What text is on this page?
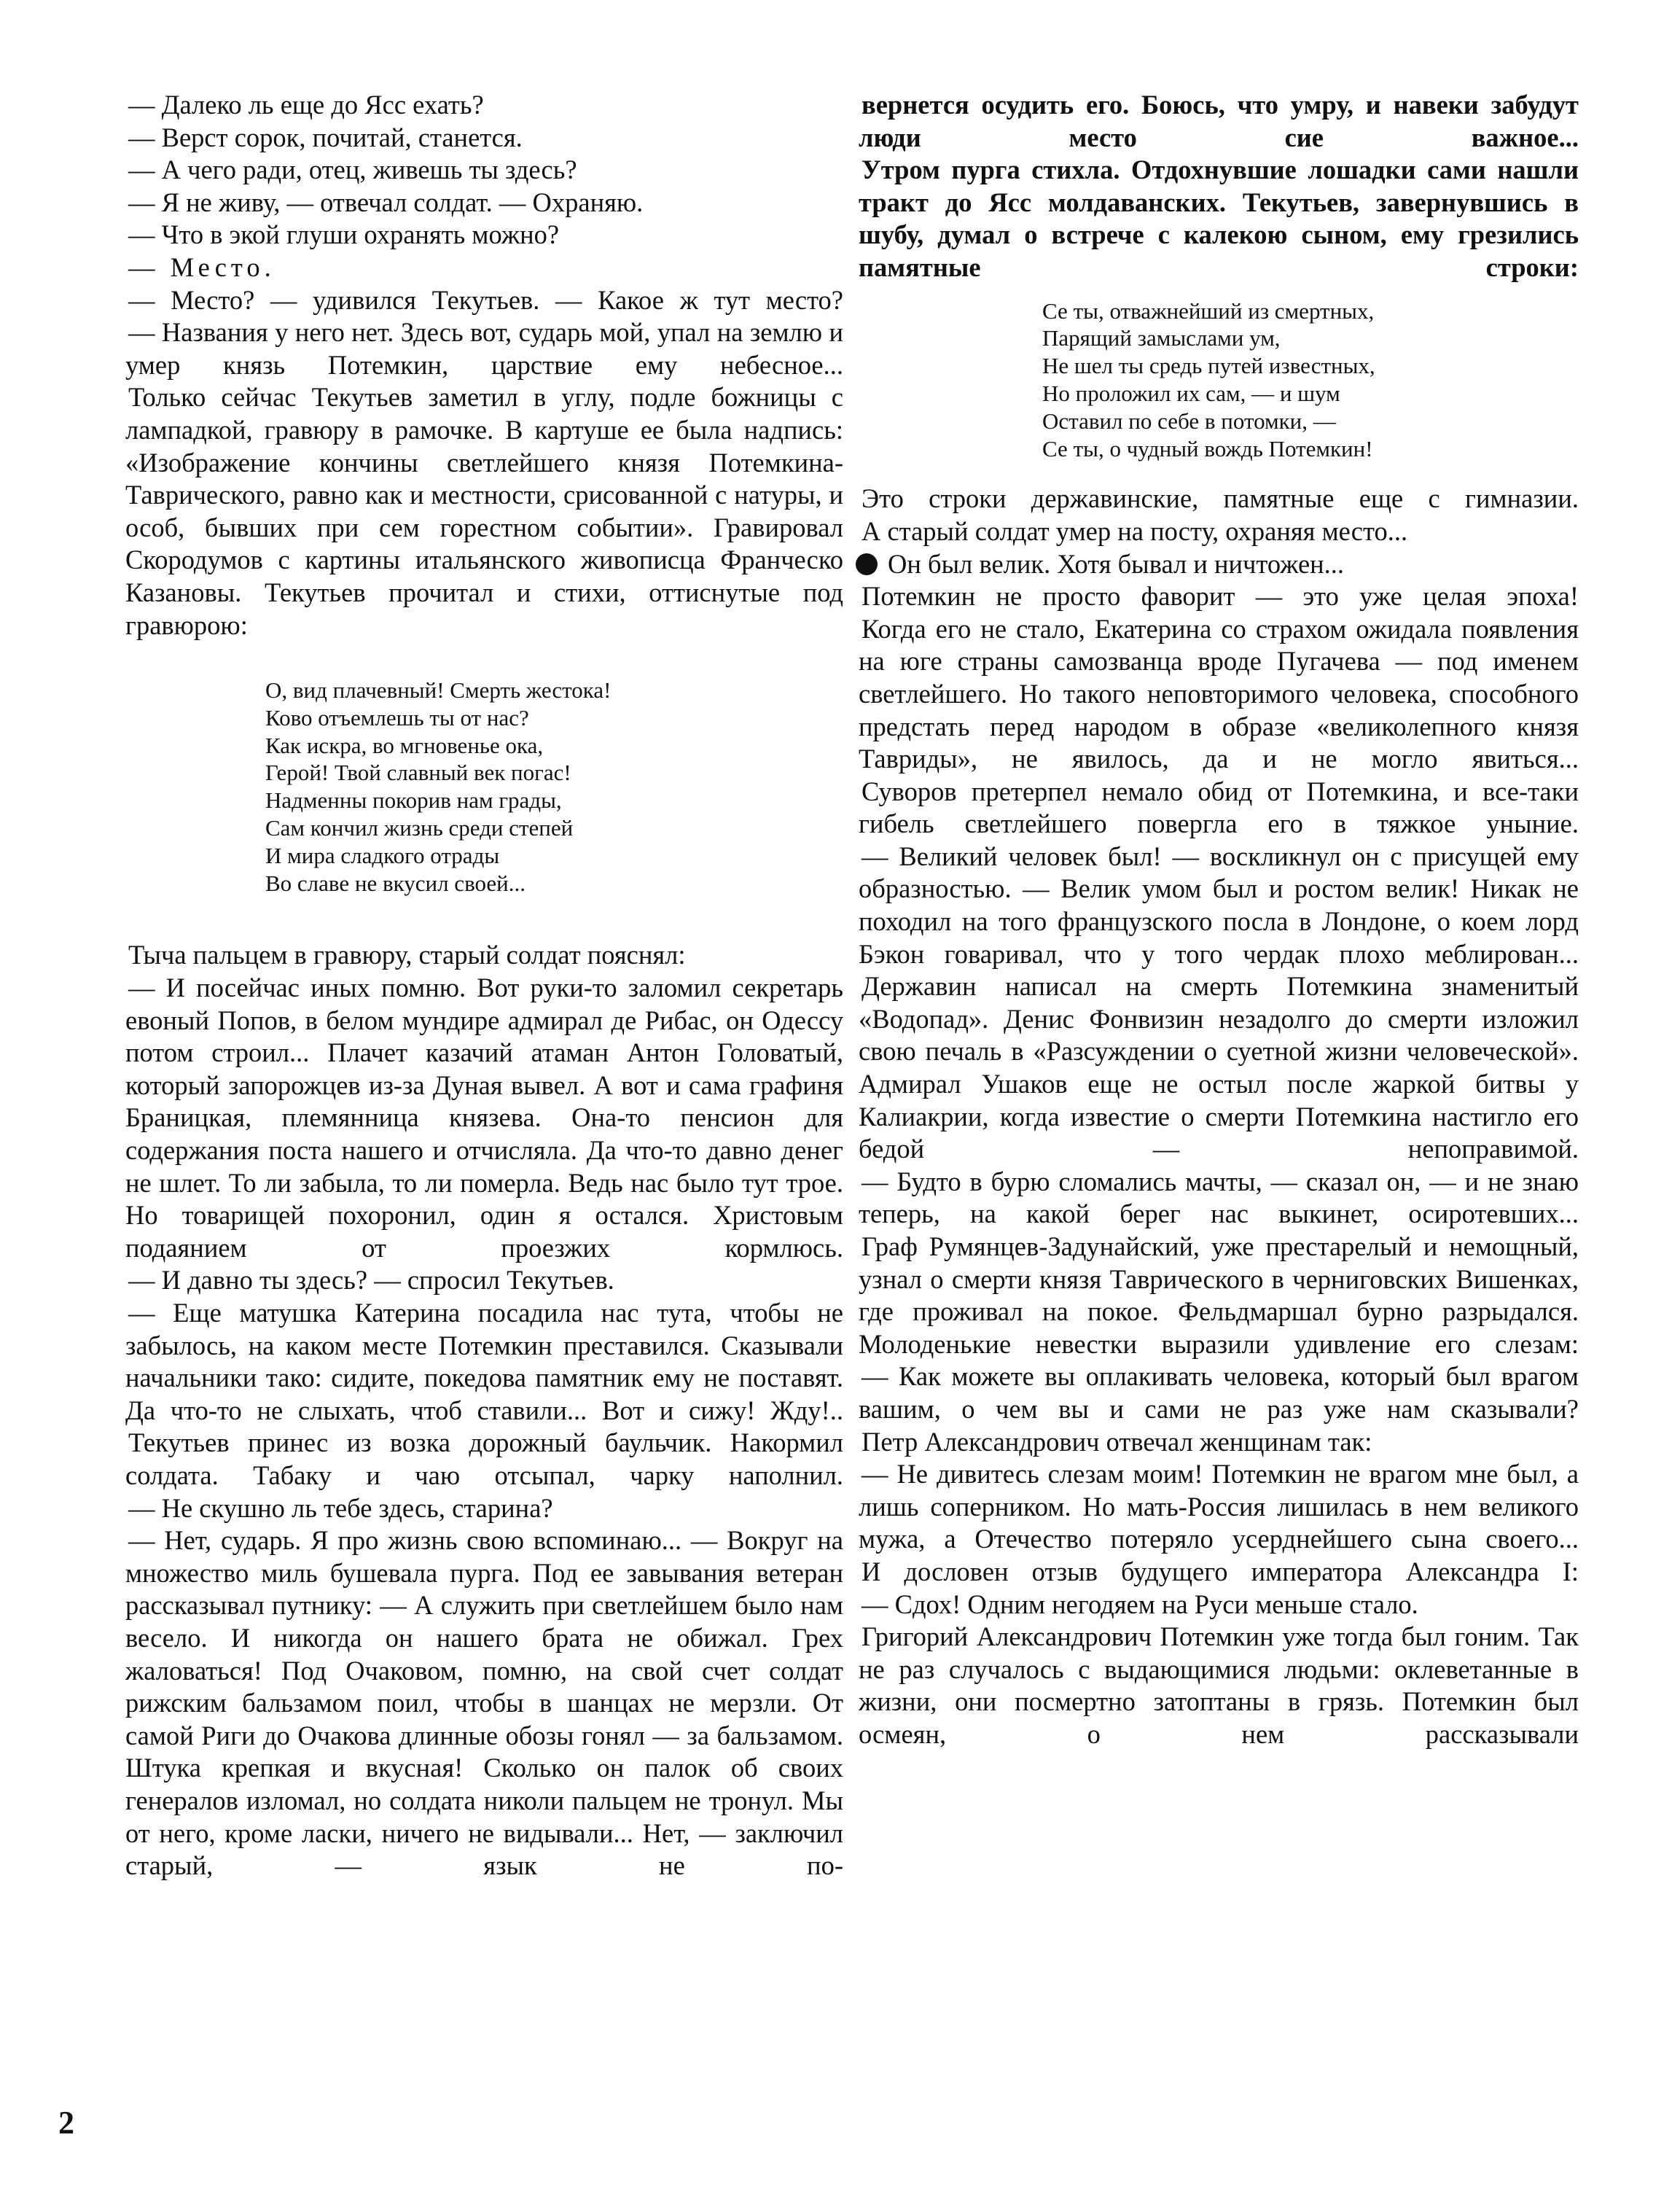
— Далеко ль еще до Ясс ехать?
— Верст сорок, почитай, станется.
— А чего ради, отец, живешь ты здесь?
— Я не живу, — отвечал солдат. — Охраняю.
— Что в экой глуши охранять можно?
— Место.
— Место? — удивился Текутьев. — Какое ж тут место?
— Названия у него нет. Здесь вот, сударь мой, упал на землю и умер князь Потемкин, царствие ему небесное...
Только сейчас Текутьев заметил в углу, подле божницы с лампадкой, гравюру в рамочке. В картуше ее была надпись: «Изображение кончины светлейшего князя Потемкина-Таврического, равно как и местности, срисованной с натуры, и особ, бывших при сем горестном событии». Гравировал Скородумов с картины итальянского живописца Франческо Казановы. Текутьев прочитал и стихи, оттиснутые под гравюрою:
О, вид плачевный! Смерть жестока!
Ково отъемлешь ты от нас?
Как искра, во мгновенье ока,
Герой! Твой славный век погас!
Надменны покорив нам грады,
Сам кончил жизнь среди степей
И мира сладкого отрады
Во славе не вкусил своей...
Тыча пальцем в гравюру, старый солдат пояснял:
— И посейчас иных помню. Вот руки-то заломил секретарь евоный Попов, в белом мундире адмирал де Рибас, он Одессу потом строил... Плачет казачий атаман Антон Головатый, который запорожцев из-за Дуная вывел. А вот и сама графиня Браницкая, племянница князева. Она-то пенсион для содержания поста нашего и отчисляла. Да что-то давно денег не шлет. То ли забыла, то ли померла. Ведь нас было тут трое. Но товарищей похоронил, один я остался. Христовым подаянием от проезжих кормлюсь.
— И давно ты здесь? — спросил Текутьев.
— Еще матушка Катерина посадила нас тута, чтобы не забылось, на каком месте Потемкин преставился. Сказывали начальники тако: сидите, покедова памятник ему не поставят. Да что-то не слыхать, чтоб ставили... Вот и сижу! Жду!..
Текутьев принес из возка дорожный баульчик. Накормил солдата. Табаку и чаю отсыпал, чарку наполнил.
— Не скушно ль тебе здесь, старина?
— Нет, сударь. Я про жизнь свою вспоминаю... — Вокруг на множество миль бушевала пурга. Под ее завывания ветеран рассказывал путнику: — А служить при светлейшем было нам весело. И никогда он нашего брата не обижал. Грех жаловаться! Под Очаковом, помню, на свой счет солдат рижским бальзамом поил, чтобы в шанцах не мерзли. От самой Риги до Очакова длинные обозы гонял — за бальзамом. Штука крепкая и вкусная! Сколько он палок об своих генералов изломал, но солдата николи пальцем не тронул. Мы от него, кроме ласки, ничего не видывали... Нет, — заключил старый, — язык не по-
вернется осудить его. Боюсь, что умру, и навеки забудут люди место сие важное...
Утром пурга стихла. Отдохнувшие лошадки сами нашли тракт до Ясс молдаванских. Текутьев, завернувшись в шубу, думал о встрече с калекою сыном, ему грезились памятные строки:
Се ты, отважнейший из смертных,
Парящий замыслами ум,
Не шел ты средь путей известных,
Но проложил их сам, — и шум
Оставил по себе в потомки, —
Се ты, о чудный вождь Потемкин!
Это строки державинские, памятные еще с гимназии.
А старый солдат умер на посту, охраняя место...
Он был велик. Хотя бывал и ничтожен...
Потемкин не просто фаворит — это уже целая эпоха!
Когда его не стало, Екатерина со страхом ожидала появления на юге страны самозванца вроде Пугачева — под именем светлейшего. Но такого неповторимого человека, способного предстать перед народом в образе «великолепного князя Тавриды», не явилось, да и не могло явиться...
Суворов претерпел немало обид от Потемкина, и все-таки гибель светлейшего повергла его в тяжкое уныние.
— Великий человек был! — воскликнул он с присущей ему образностью. — Велик умом был и ростом велик! Никак не походил на того французского посла в Лондоне, о коем лорд Бэкон говаривал, что у того чердак плохо меблирован...
Державин написал на смерть Потемкина знаменитый «Водопад». Денис Фонвизин незадолго до смерти изложил свою печаль в «Разсуждении о суетной жизни человеческой». Адмирал Ушаков еще не остыл после жаркой битвы у Калиакрии, когда известие о смерти Потемкина настигло его бедой — непоправимой.
— Будто в бурю сломались мачты, — сказал он, — и не знаю теперь, на какой берег нас выкинет, осиротевших...
Граф Румянцев-Задунайский, уже престарелый и немощный, узнал о смерти князя Таврического в черниговских Вишенках, где проживал на покое. Фельдмаршал бурно разрыдался. Молоденькие невестки выразили удивление его слезам:
— Как можете вы оплакивать человека, который был врагом вашим, о чем вы и сами не раз уже нам сказывали?
Петр Александрович отвечал женщинам так:
— Не дивитесь слезам моим! Потемкин не врагом мне был, а лишь соперником. Но мать-Россия лишилась в нем великого мужа, а Отечество потеряло усерднейшего сына своего...
И дословен отзыв будущего императора Александра I:
— Сдох! Одним негодяем на Руси меньше стало.
Григорий Александрович Потемкин уже тогда был гоним. Так не раз случалось с выдающимися людьми: оклеветанные в жизни, они посмертно затоптаны в грязь. Потемкин был осмеян, о нем рассказывали
2
